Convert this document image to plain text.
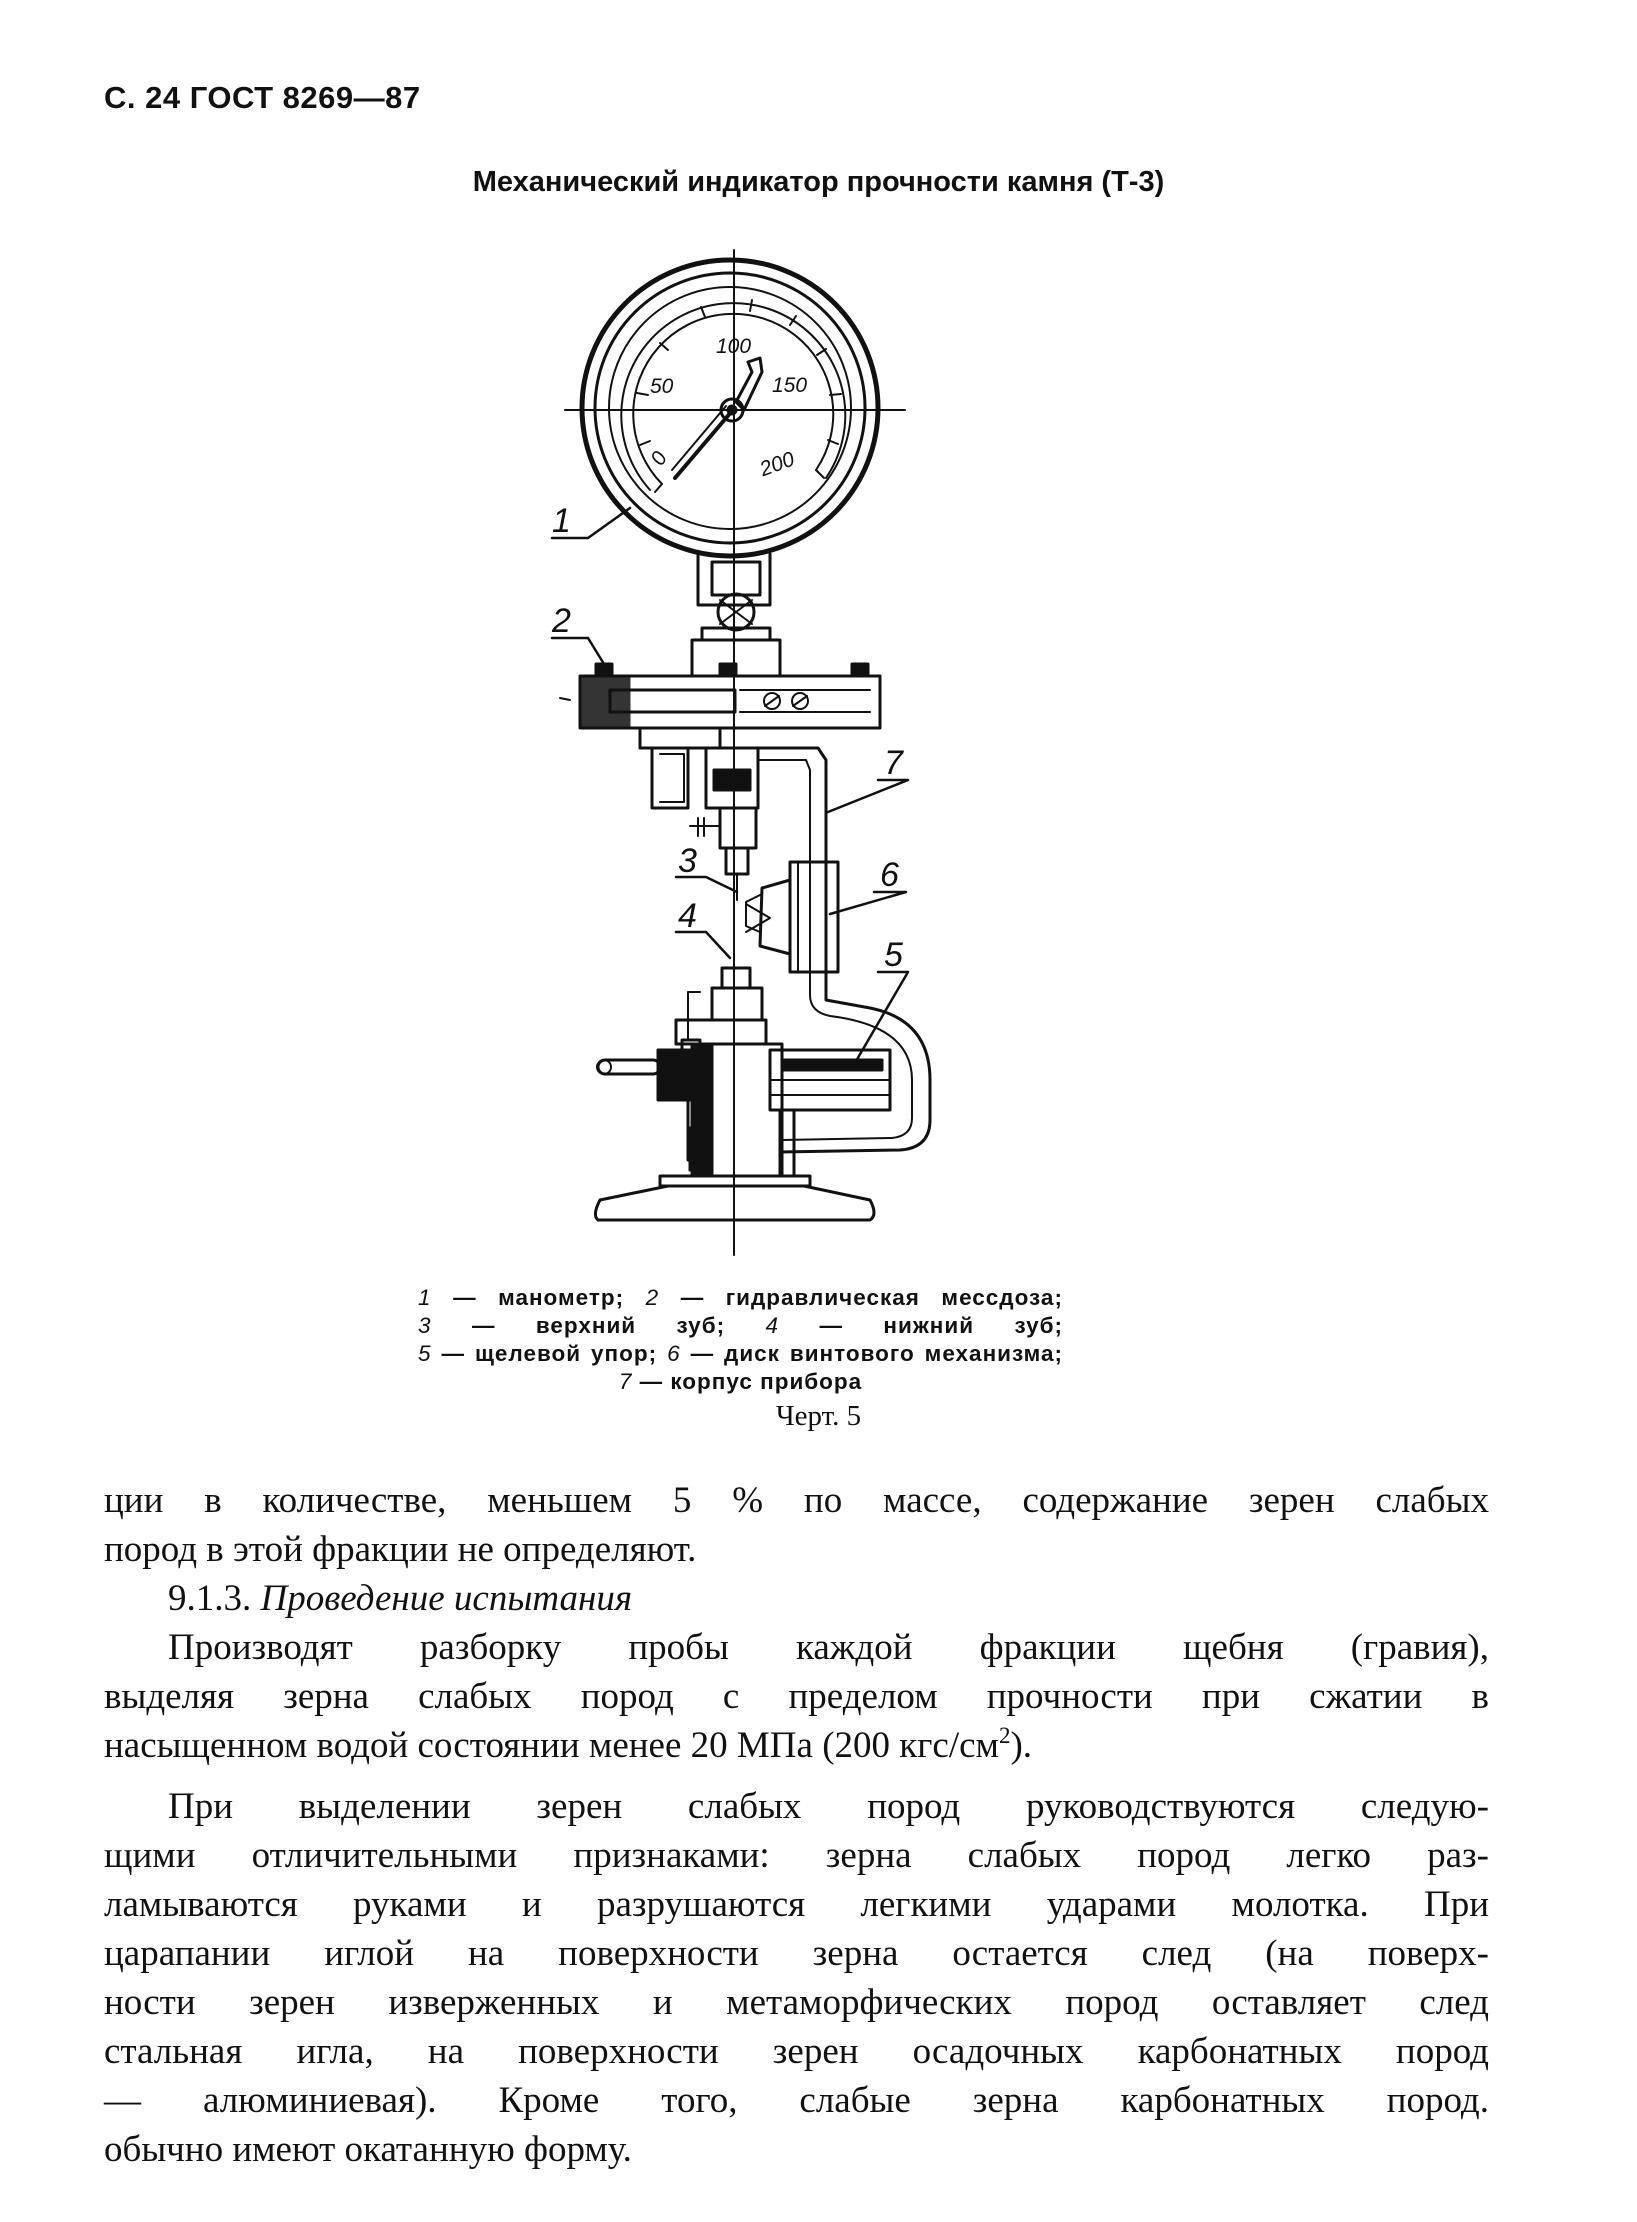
С. 24 ГОСТ 8269—87
Механический индикатор прочности камня (Т-3)
0
50
100
150
200
1
2
3
4
5
6
7
1 — манометр; 2 — гидравлическая мессдоза;
3 — верхний зуб; 4 — нижний зуб;
5 — щелевой упор; 6 — диск винтового механизма;
7 — корпус прибора
Черт. 5
ции в количестве, меньшем 5 % по массе, содержание зерен слабых
пород в этой фракции не определяют.
9.1.3. Проведение испытания
Производят разборку пробы каждой фракции щебня (гравия),
выделяя зерна слабых пород с пределом прочности при сжатии в
насыщенном водой состоянии менее 20 МПа (200 кгс/$см^2$).
При выделении зерен слабых пород руководствуются следую-
щими отличительными признаками: зерна слабых пород легко раз-
ламываются руками и разрушаются легкими ударами молотка. При
царапании иглой на поверхности зерна остается след (на поверх-
ности зерен изверженных и метаморфических пород оставляет след
стальная игла, на поверхности зерен осадочных карбонатных пород
— алюминиевая). Кроме того, слабые зерна карбонатных пород.
обычно имеют окатанную форму.
